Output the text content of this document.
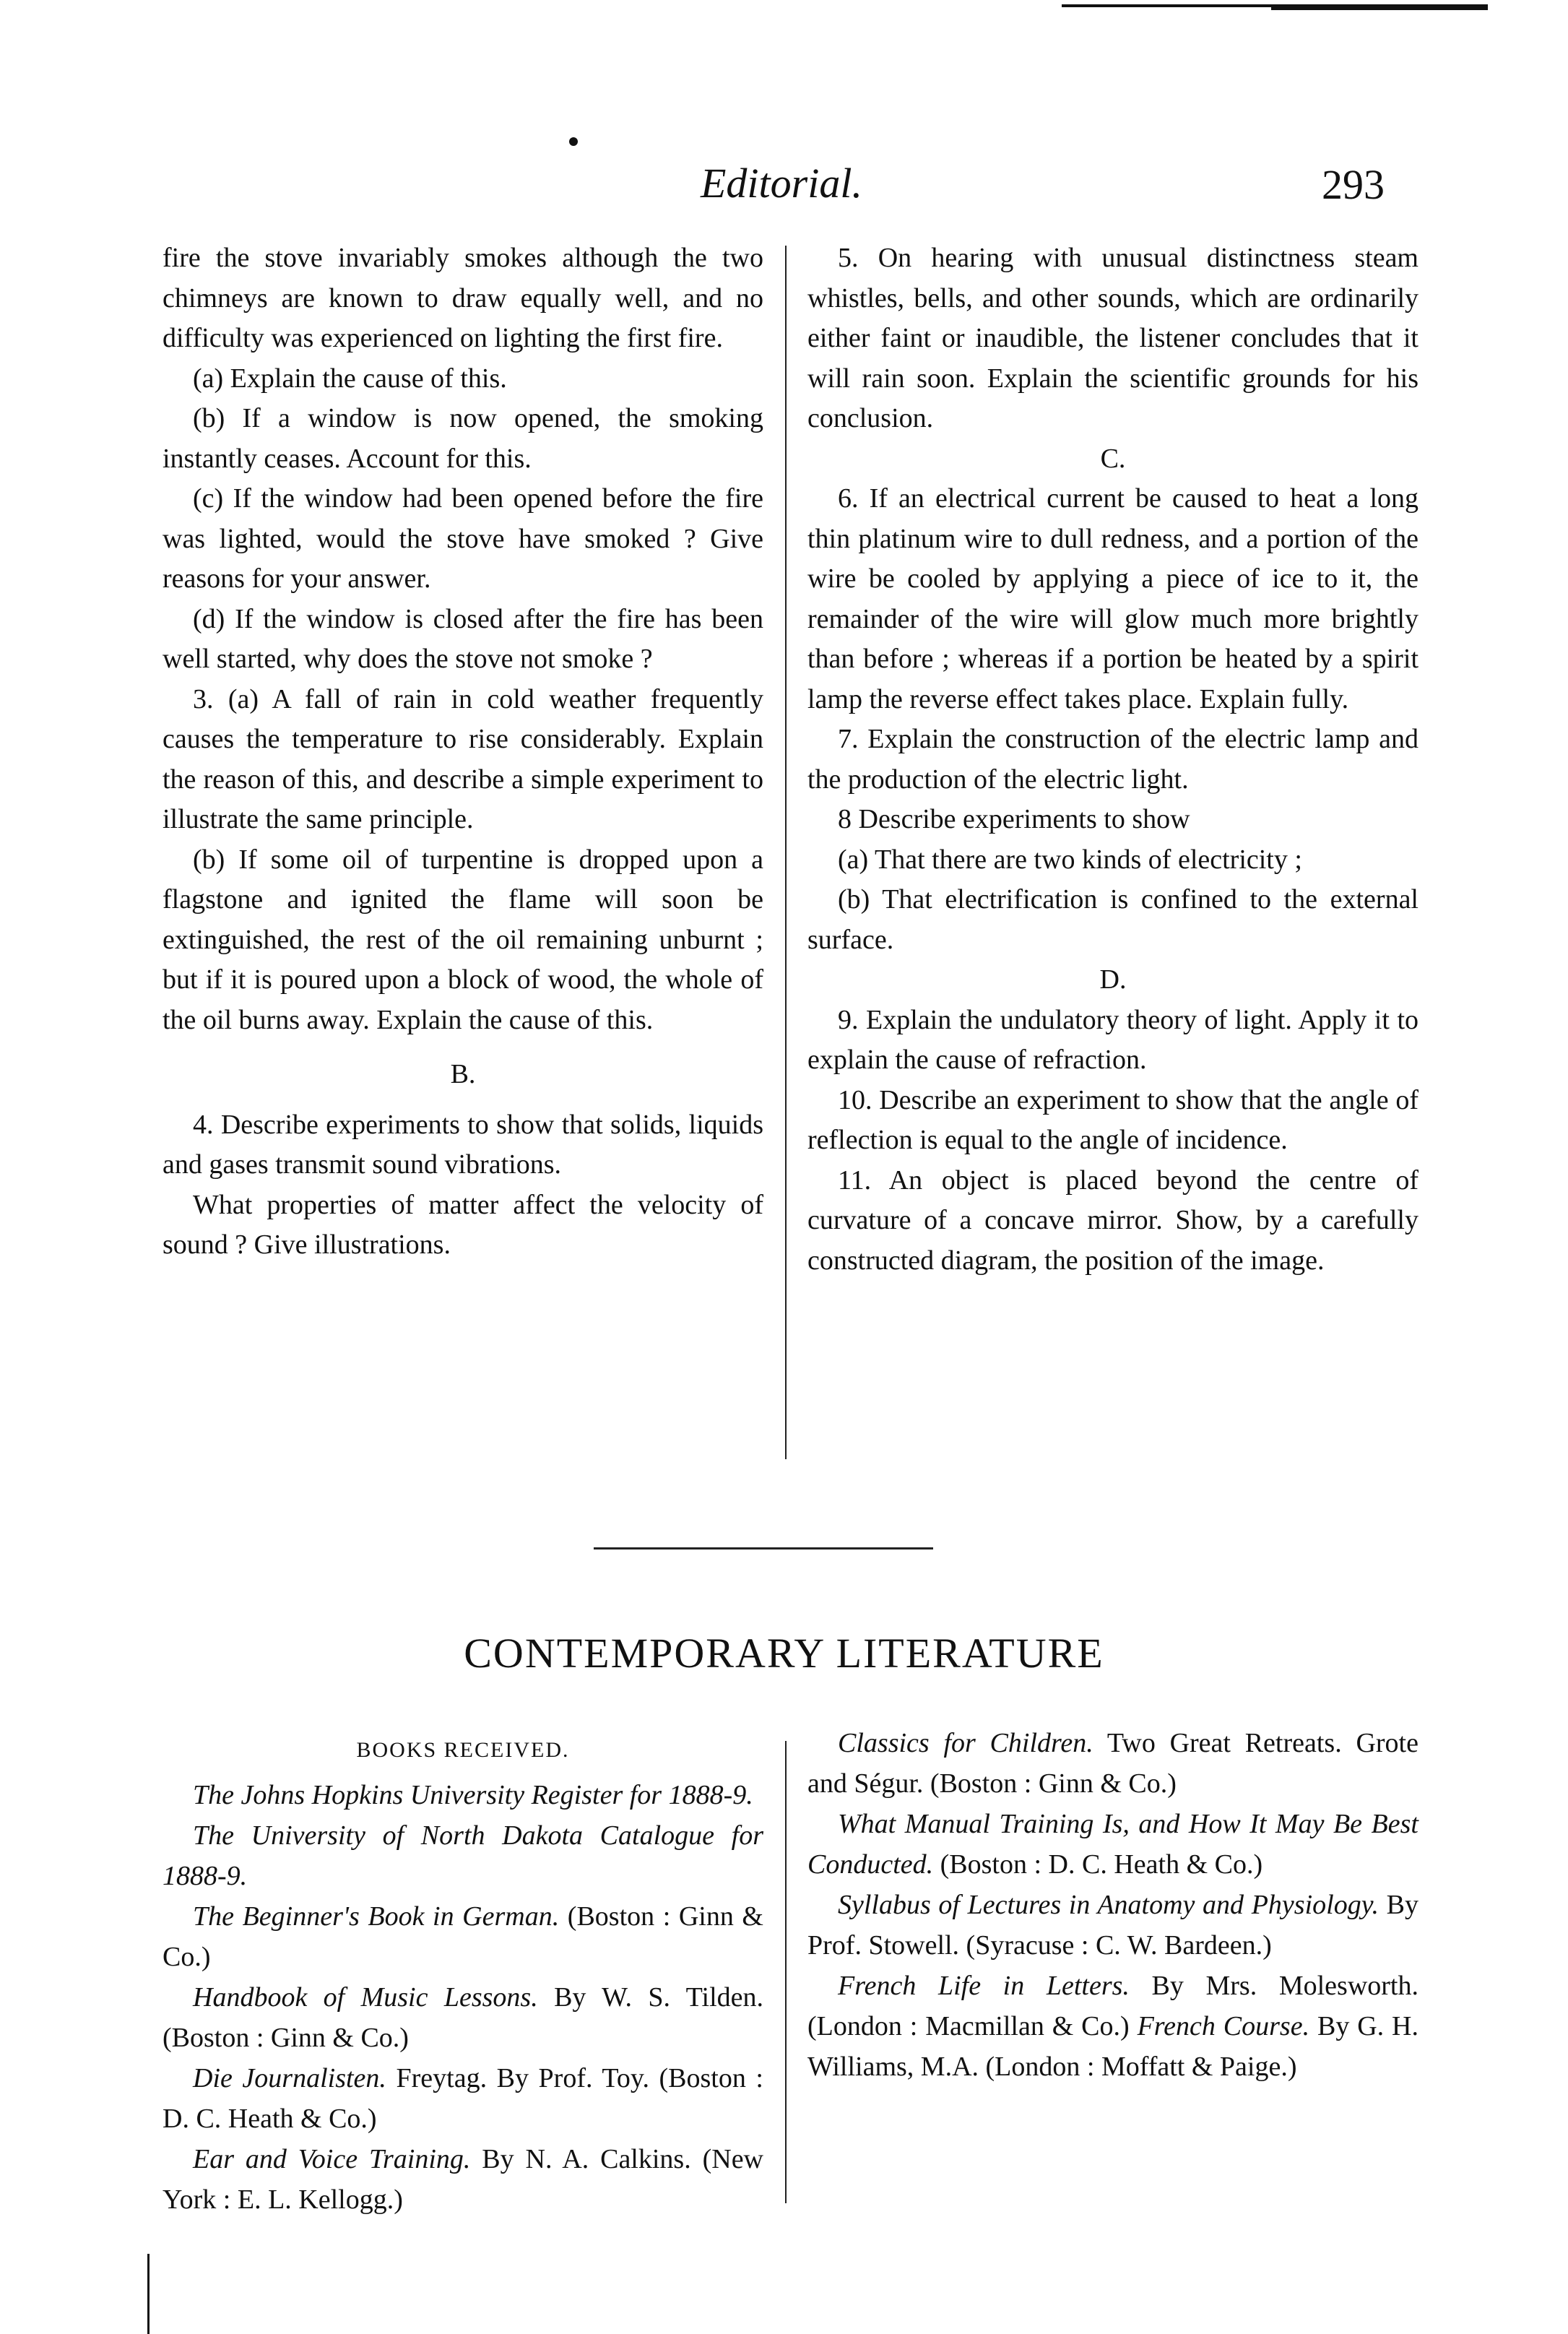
Editorial.	293

fire the stove invariably smokes although the two chimneys are known to draw equally well, and no difficulty was experienced on lighting the first fire.

(a) Explain the cause of this.

(b) If a window is now opened, the smoking instantly ceases. Account for this.

(c) If the window had been opened before the fire was lighted, would the stove have smoked ? Give reasons for your answer.

(d) If the window is closed after the fire has been well started, why does the stove not smoke ?

3. (a) A fall of rain in cold weather frequently causes the temperature to rise considerably. Explain the reason of this, and describe a simple experiment to illustrate the same principle.

(b) If some oil of turpentine is dropped upon a flagstone and ignited the flame will soon be extinguished, the rest of the oil remaining unburnt ; but if it is poured upon a block of wood, the whole of the oil burns away. Explain the cause of this.

B.

4. Describe experiments to show that solids, liquids and gases transmit sound vibrations.

What properties of matter affect the velocity of sound ? Give illustrations.

5. On hearing with unusual distinctness steam whistles, bells, and other sounds, which are ordinarily either faint or inaudible, the listener concludes that it will rain soon. Explain the scientific grounds for his conclusion.

C.

6. If an electrical current be caused to heat a long thin platinum wire to dull redness, and a portion of the wire be cooled by applying a piece of ice to it, the remainder of the wire will glow much more brightly than before ; whereas if a portion be heated by a spirit lamp the reverse effect takes place. Explain fully.

7. Explain the construction of the electric lamp and the production of the electric light.

8 Describe experiments to show

(a) That there are two kinds of electricity ;

(b) That electrification is confined to the external surface.

D.

9. Explain the undulatory theory of light. Apply it to explain the cause of refraction.

10. Describe an experiment to show that the angle of reflection is equal to the angle of incidence.

11. An object is placed beyond the centre of curvature of a concave mirror. Show, by a carefully constructed diagram, the position of the image.

CONTEMPORARY LITERATURE

BOOKS RECEIVED.

The Johns Hopkins University Register for 1888-9.

The University of North Dakota Catalogue for 1888-9.

The Beginner's Book in German. (Boston : Ginn & Co.)

Handbook of Music Lessons. By W. S. Tilden. (Boston : Ginn & Co.)

Die Journalisten. Freytag. By Prof. Toy. (Boston : D. C. Heath & Co.)

Ear and Voice Training. By N. A. Calkins. (New York : E. L. Kellogg.)

Classics for Children. Two Great Retreats. Grote and Ségur. (Boston : Ginn & Co.)

What Manual Training Is, and How It May Be Best Conducted. (Boston : D. C. Heath & Co.)

Syllabus of Lectures in Anatomy and Physiology. By Prof. Stowell. (Syracuse : C. W. Bardeen.)

French Life in Letters. By Mrs. Molesworth. (London : Macmillan & Co.) French Course. By G. H. Williams, M.A. (London : Moffatt & Paige.)
